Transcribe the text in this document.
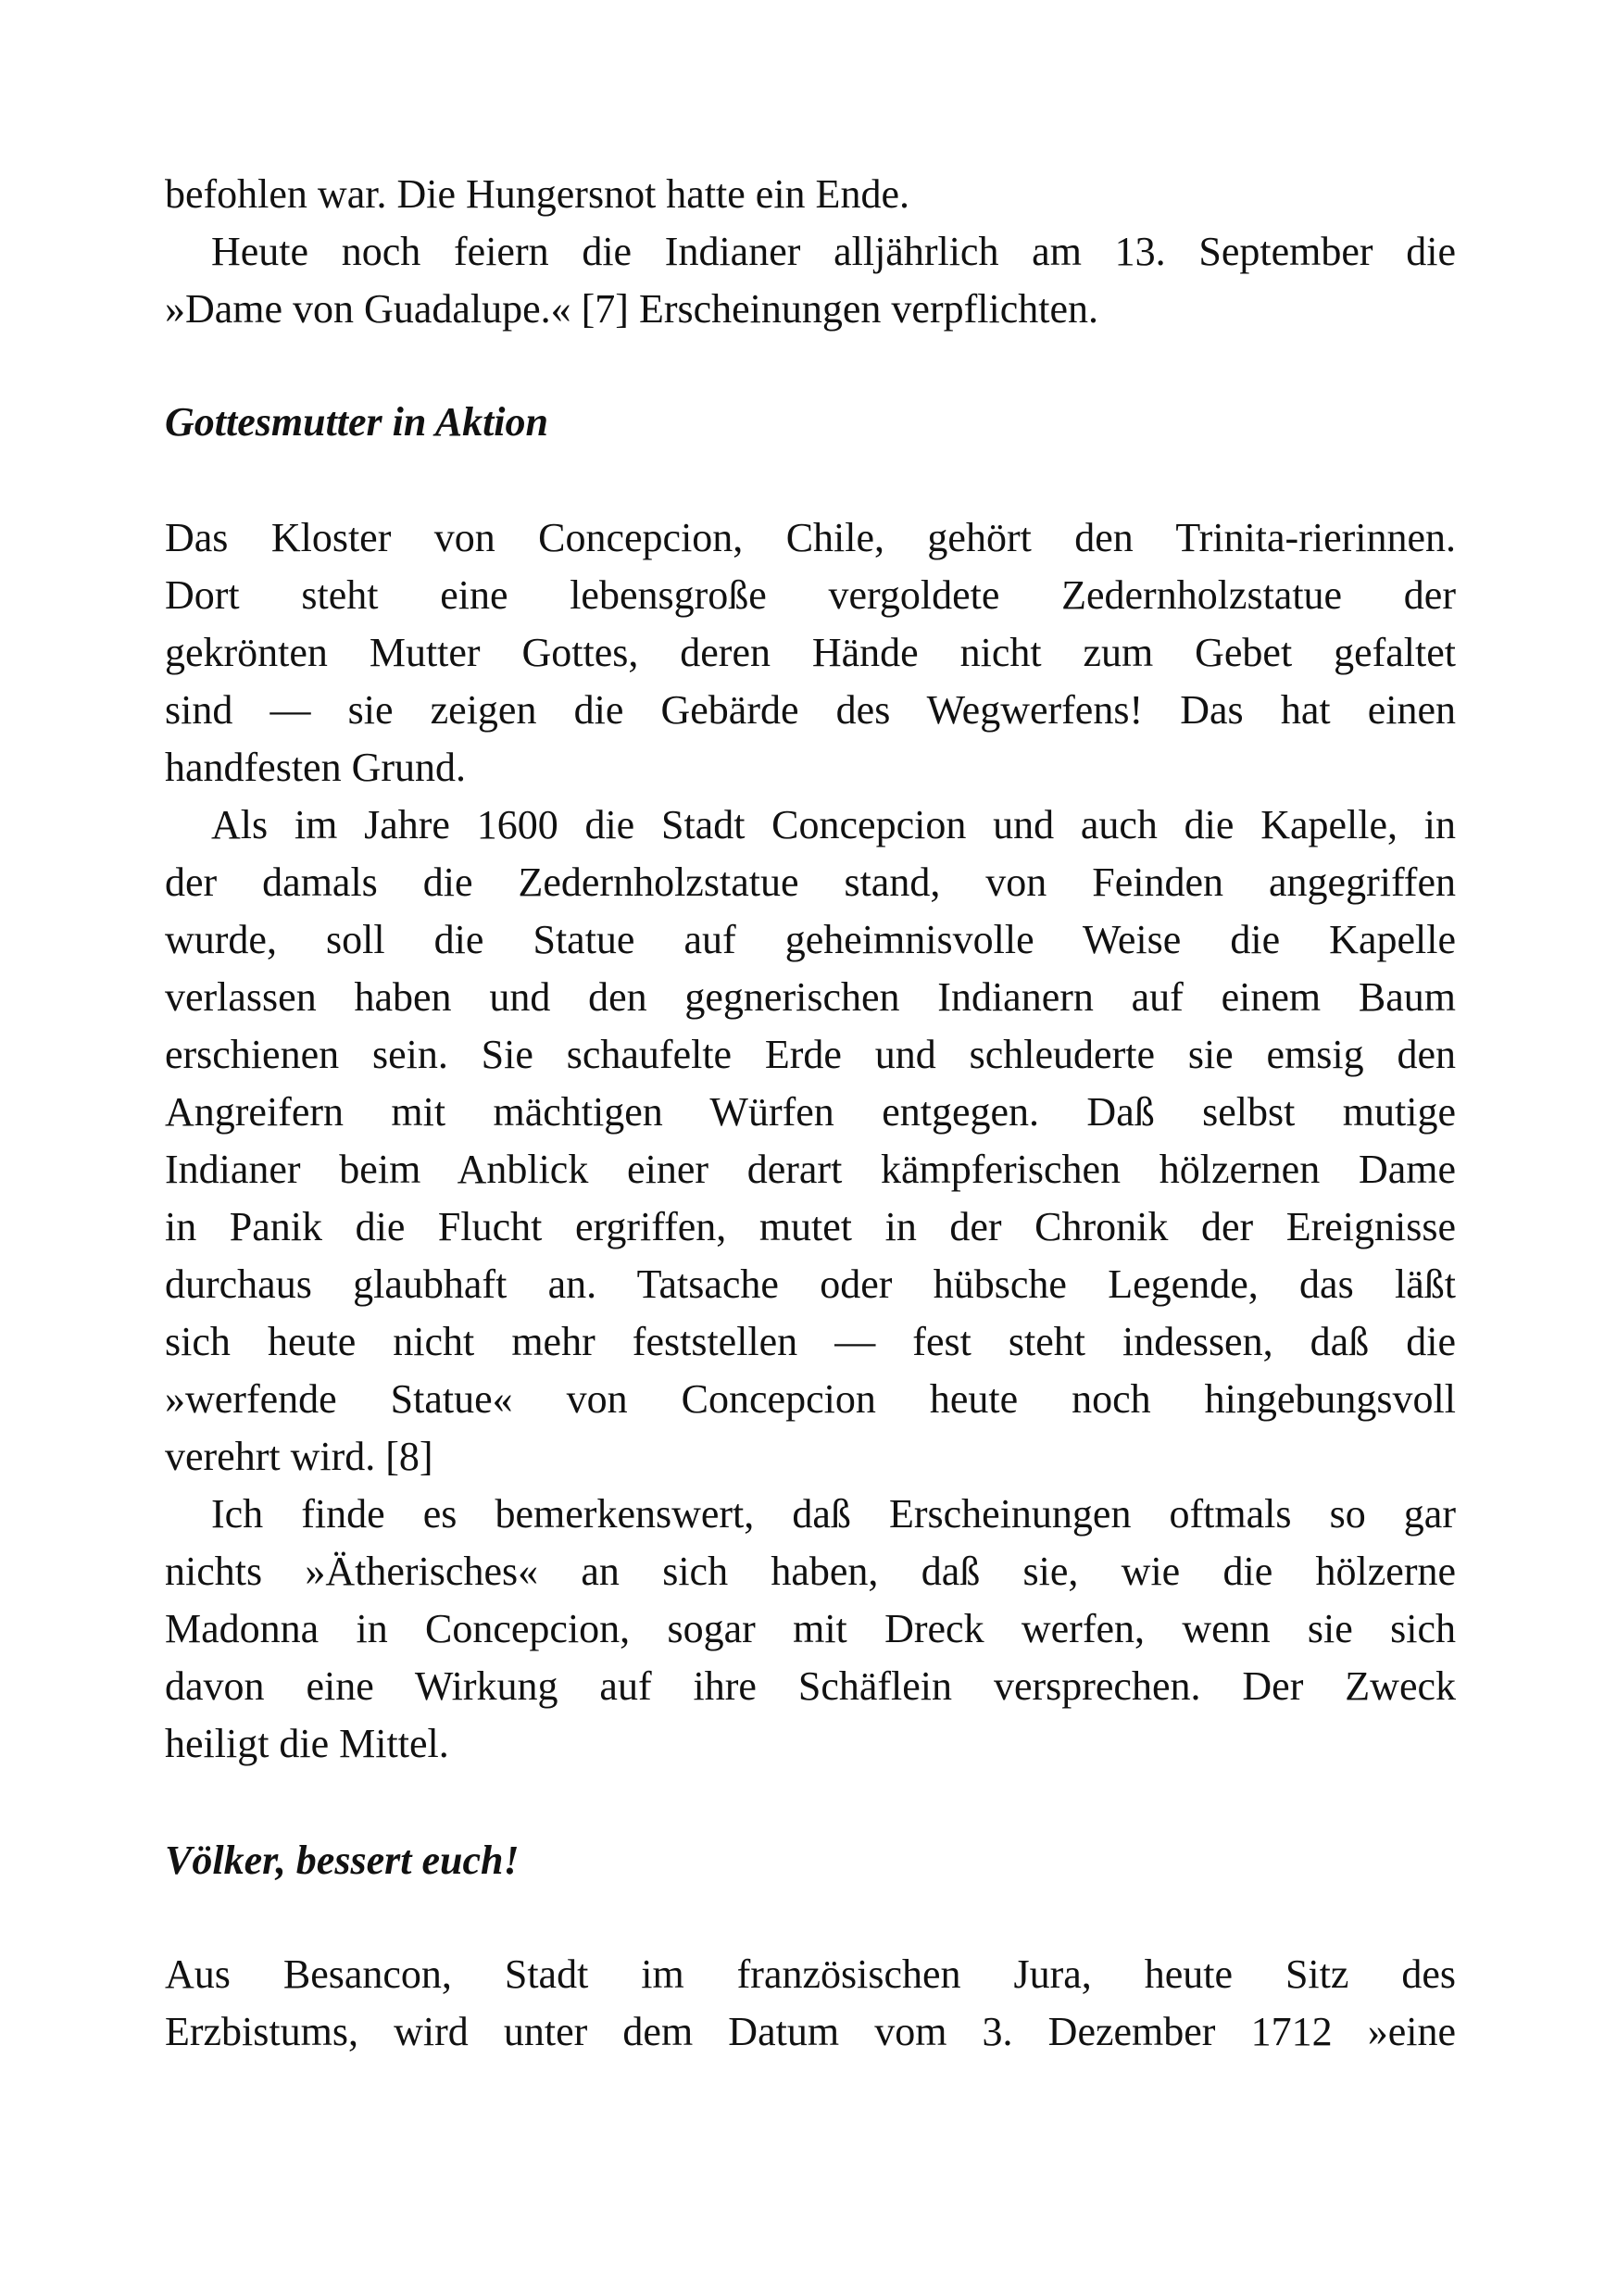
befohlen war. Die Hungersnot hatte ein Ende.
Heute noch feiern die Indianer alljährlich am 13. September die
»Dame von Guadalupe.« [7] Erscheinungen verpflichten.
Gottesmutter in Aktion
Das Kloster von Concepcion, Chile, gehört den Trinita-rierinnen.
Dort steht eine lebensgroße vergoldete Zedernholzstatue der
gekrönten Mutter Gottes, deren Hände nicht zum Gebet gefaltet
sind — sie zeigen die Gebärde des Wegwerfens! Das hat einen
handfesten Grund.
Als im Jahre 1600 die Stadt Concepcion und auch die Kapelle, in
der damals die Zedernholzstatue stand, von Feinden angegriffen
wurde, soll die Statue auf geheimnisvolle Weise die Kapelle
verlassen haben und den gegnerischen Indianern auf einem Baum
erschienen sein. Sie schaufelte Erde und schleuderte sie emsig den
Angreifern mit mächtigen Würfen entgegen. Daß selbst mutige
Indianer beim Anblick einer derart kämpferischen hölzernen Dame
in Panik die Flucht ergriffen, mutet in der Chronik der Ereignisse
durchaus glaubhaft an. Tatsache oder hübsche Legende, das läßt
sich heute nicht mehr feststellen — fest steht indessen, daß die
»werfende Statue« von Concepcion heute noch hingebungsvoll
verehrt wird. [8]
Ich finde es bemerkenswert, daß Erscheinungen oftmals so gar
nichts »Ätherisches« an sich haben, daß sie, wie die hölzerne
Madonna in Concepcion, sogar mit Dreck werfen, wenn sie sich
davon eine Wirkung auf ihre Schäflein versprechen. Der Zweck
heiligt die Mittel.
Völker, bessert euch!
Aus Besancon, Stadt im französischen Jura, heute Sitz des
Erzbistums, wird unter dem Datum vom 3. Dezember 1712 »eine
